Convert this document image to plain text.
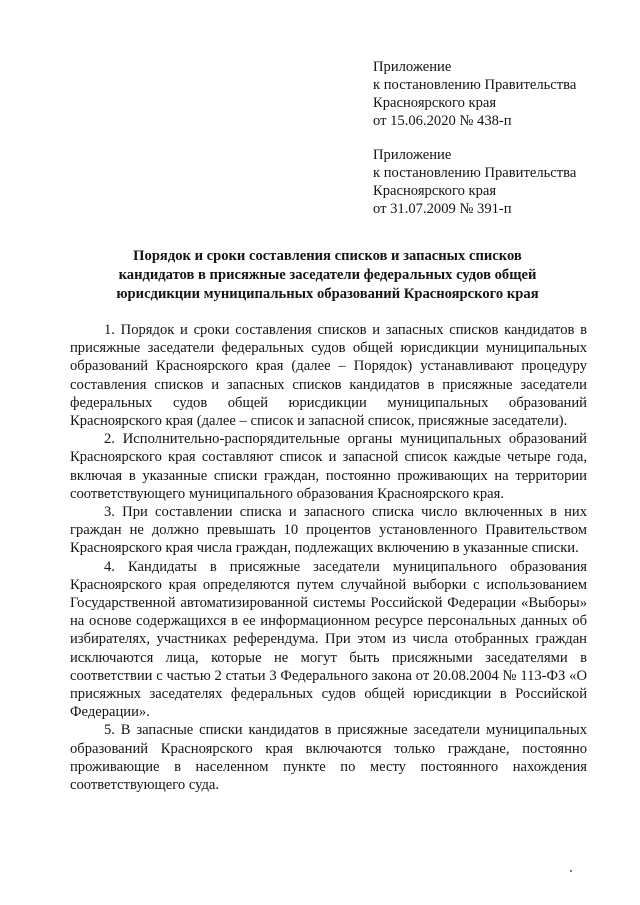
Приложение
к постановлению Правительства
Красноярского края
от 15.06.2020 № 438-п
Приложение
к постановлению Правительства
Красноярского края
от 31.07.2009 № 391-п
Порядок и сроки составления списков и запасных списков
кандидатов в присяжные заседатели федеральных судов общей
юрисдикции муниципальных образований Красноярского края

1. Порядок и сроки составления списков и запасных списков кандидатов в присяжные заседатели федеральных судов общей юрисдикции муниципальных образований Красноярского края (далее – Порядок) устанавливают процедуру составления списков и запасных списков кандидатов в присяжные заседатели федеральных судов общей юрисдикции муниципальных образований Красноярского края (далее – список и запасной список, присяжные заседатели).

2. Исполнительно-распорядительные органы муниципальных образований Красноярского края составляют список и запасной список каждые четыре года, включая в указанные списки граждан, постоянно проживающих на территории соответствующего муниципального образования Красноярского края.

3. При составлении списка и запасного списка число включенных в них граждан не должно превышать 10 процентов установленного Правительством Красноярского края числа граждан, подлежащих включению в указанные списки.

4. Кандидаты в присяжные заседатели муниципального образования Красноярского края определяются путем случайной выборки с использованием Государственной автоматизированной системы Российской Федерации «Выборы» на основе содержащихся в ее информационном ресурсе персональных данных об избирателях, участниках референдума. При этом из числа отобранных граждан исключаются лица, которые не могут быть присяжными заседателями в соответствии с частью 2 статьи 3 Федерального закона от 20.08.2004 № 113-ФЗ «О присяжных заседателях федеральных судов общей юрисдикции в Российской Федерации».

5. В запасные списки кандидатов в присяжные заседатели муниципальных образований Красноярского края включаются только граждане, постоянно проживающие в населенном пункте по месту постоянного нахождения соответствующего суда.
